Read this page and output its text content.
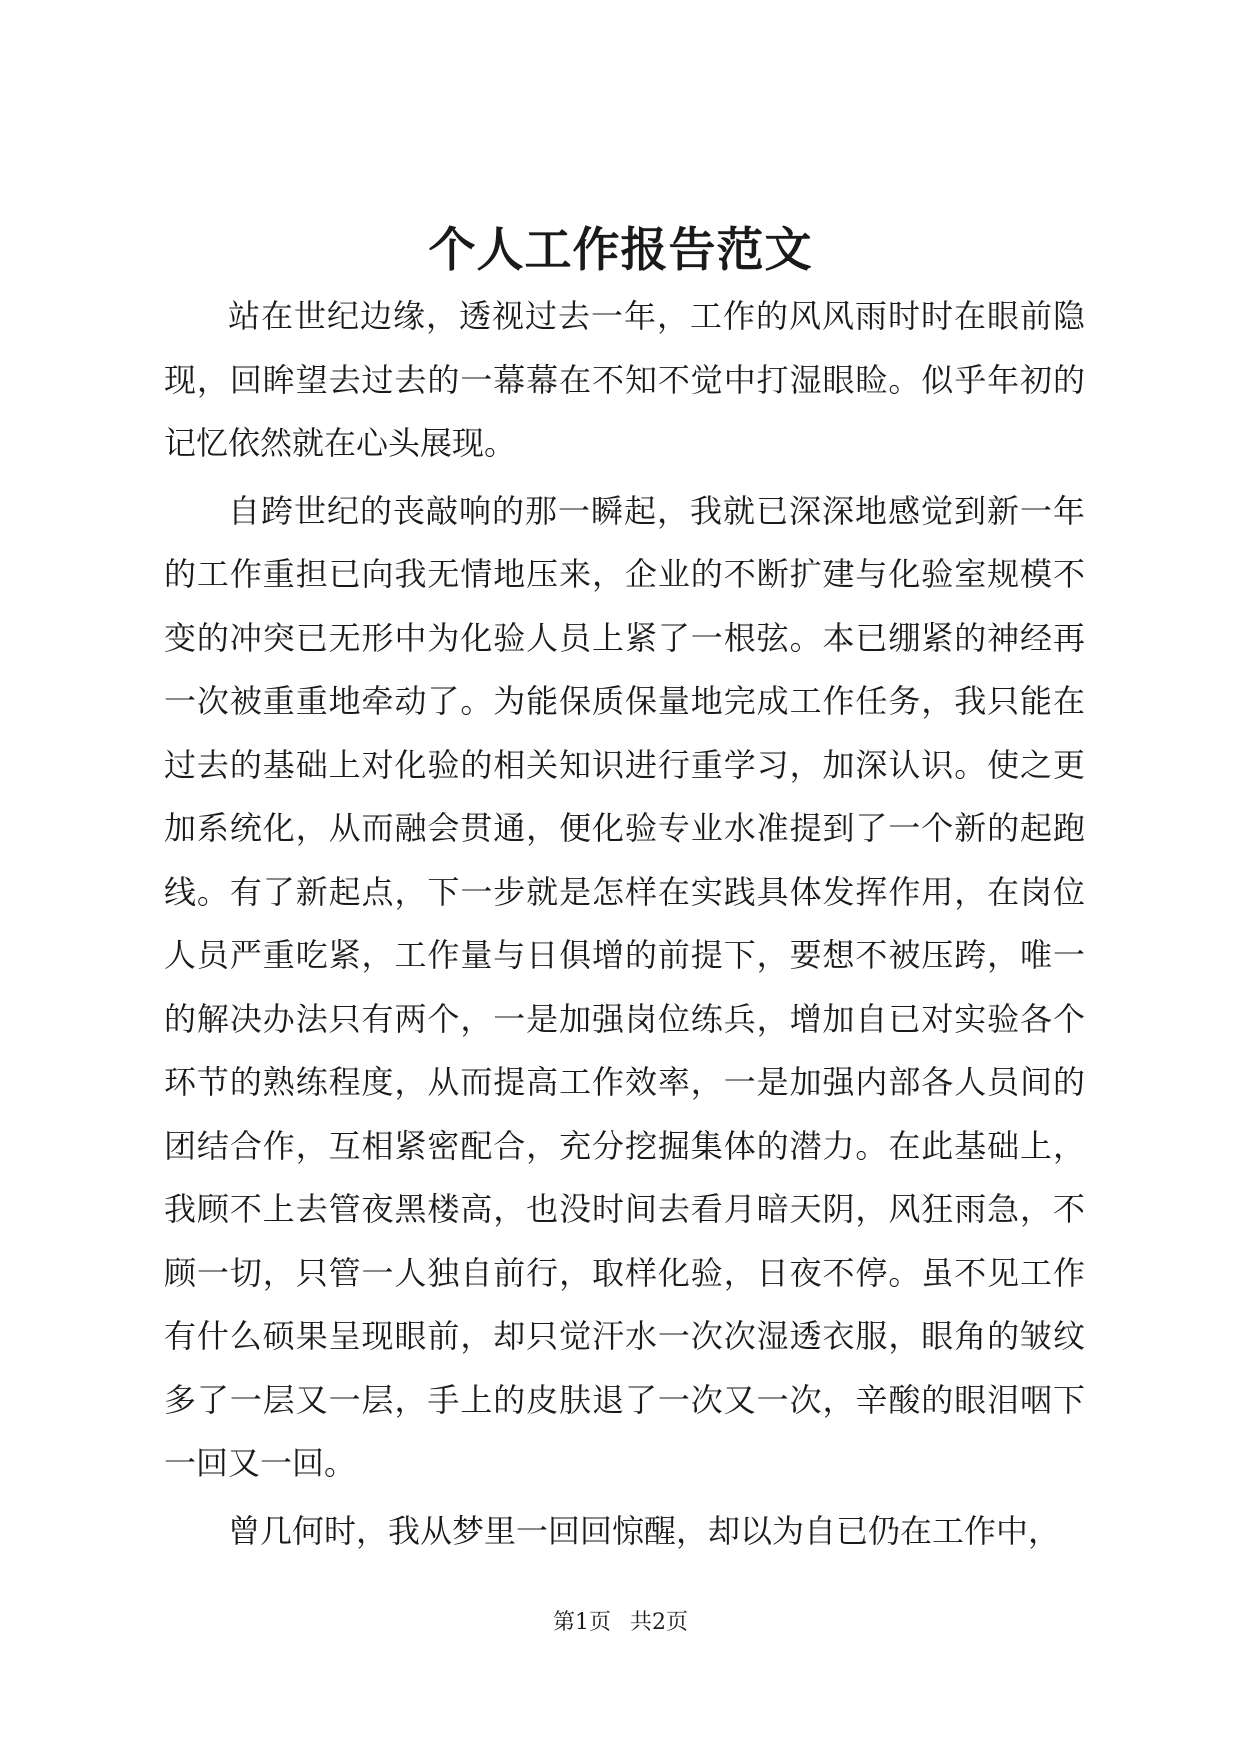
个人工作报告范文

站在世纪边缘，透视过去一年，工作的风风雨时时在眼前隐现，回眸望去过去的一幕幕在不知不觉中打湿眼睑。似乎年初的记忆依然就在心头展现。

自跨世纪的丧敲响的那一瞬起，我就已深深地感觉到新一年的工作重担已向我无情地压来，企业的不断扩建与化验室规模不变的冲突已无形中为化验人员上紧了一根弦。本已绷紧的神经再一次被重重地牵动了。为能保质保量地完成工作任务，我只能在过去的基础上对化验的相关知识进行重学习，加深认识。使之更加系统化，从而融会贯通，便化验专业水准提到了一个新的起跑线。有了新起点，下一步就是怎样在实践具体发挥作用，在岗位人员严重吃紧，工作量与日俱增的前提下，要想不被压跨，唯一的解决办法只有两个，一是加强岗位练兵，增加自已对实验各个环节的熟练程度，从而提高工作效率，一是加强内部各人员间的团结合作，互相紧密配合，充分挖掘集体的潜力。在此基础上，我顾不上去管夜黑楼高，也没时间去看月暗天阴，风狂雨急，不顾一切，只管一人独自前行，取样化验，日夜不停。虽不见工作有什么硕果呈现眼前，却只觉汗水一次次湿透衣服，眼角的皱纹多了一层又一层，手上的皮肤退了一次又一次，辛酸的眼泪咽下一回又一回。

曾几何时，我从梦里一回回惊醒，却以为自已仍在工作中，

第1页 共2页
